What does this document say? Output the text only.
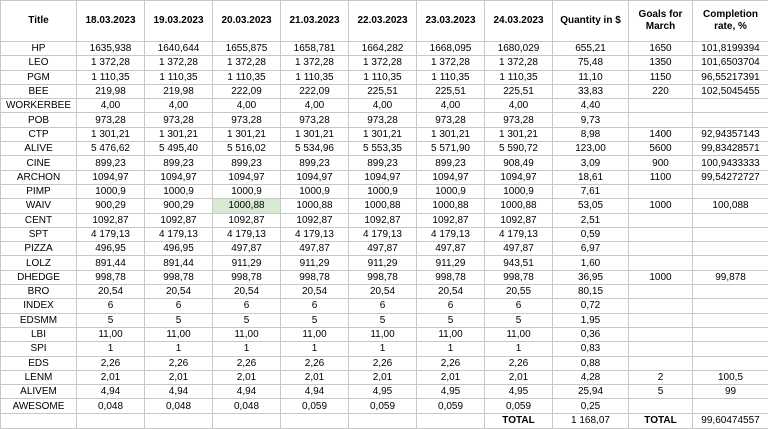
Title	18.03.2023	19.03.2023	20.03.2023	21.03.2023	22.03.2023	23.03.2023	24.03.2023	Quantity in $	Goals for March	Completion rate, %
HP	1635,938	1640,644	1655,875	1658,781	1664,282	1668,095	1680,029	655,21	1650	101,8199394
LEO	1 372,28	1 372,28	1 372,28	1 372,28	1 372,28	1 372,28	1 372,28	75,48	1350	101,6503704
PGM	1 110,35	1 110,35	1 110,35	1 110,35	1 110,35	1 110,35	1 110,35	11,10	1150	96,55217391
BEE	219,98	219,98	222,09	222,09	225,51	225,51	225,51	33,83	220	102,5045455
WORKERBEE	4,00	4,00	4,00	4,00	4,00	4,00	4,00	4,40		
POB	973,28	973,28	973,28	973,28	973,28	973,28	973,28	9,73		
CTP	1 301,21	1 301,21	1 301,21	1 301,21	1 301,21	1 301,21	1 301,21	8,98	1400	92,94357143
ALIVE	5 476,62	5 495,40	5 516,02	5 534,96	5 553,35	5 571,90	5 590,72	123,00	5600	99,83428571
CINE	899,23	899,23	899,23	899,23	899,23	899,23	908,49	3,09	900	100,9433333
ARCHON	1094,97	1094,97	1094,97	1094,97	1094,97	1094,97	1094,97	18,61	1100	99,54272727
PIMP	1000,9	1000,9	1000,9	1000,9	1000,9	1000,9	1000,9	7,61		
WAIV	900,29	900,29	1000,88	1000,88	1000,88	1000,88	1000,88	53,05	1000	100,088
CENT	1092,87	1092,87	1092,87	1092,87	1092,87	1092,87	1092,87	2,51		
SPT	4 179,13	4 179,13	4 179,13	4 179,13	4 179,13	4 179,13	4 179,13	0,59		
PIZZA	496,95	496,95	497,87	497,87	497,87	497,87	497,87	6,97		
LOLZ	891,44	891,44	911,29	911,29	911,29	911,29	943,51	1,60		
DHEDGE	998,78	998,78	998,78	998,78	998,78	998,78	998,78	36,95	1000	99,878
BRO	20,54	20,54	20,54	20,54	20,54	20,54	20,55	80,15		
INDEX	6	6	6	6	6	6	6	0,72		
EDSMM	5	5	5	5	5	5	5	1,95		
LBI	11,00	11,00	11,00	11,00	11,00	11,00	11,00	0,36		
SPI	1	1	1	1	1	1	1	0,83		
EDS	2,26	2,26	2,26	2,26	2,26	2,26	2,26	0,88		
LENM	2,01	2,01	2,01	2,01	2,01	2,01	2,01	4,28	2	100,5
ALIVEM	4,94	4,94	4,94	4,94	4,95	4,95	4,95	25,94	5	99
AWESOME	0,048	0,048	0,048	0,059	0,059	0,059	0,059	0,25		
							TOTAL	1 168,07	TOTAL	99,60474557
